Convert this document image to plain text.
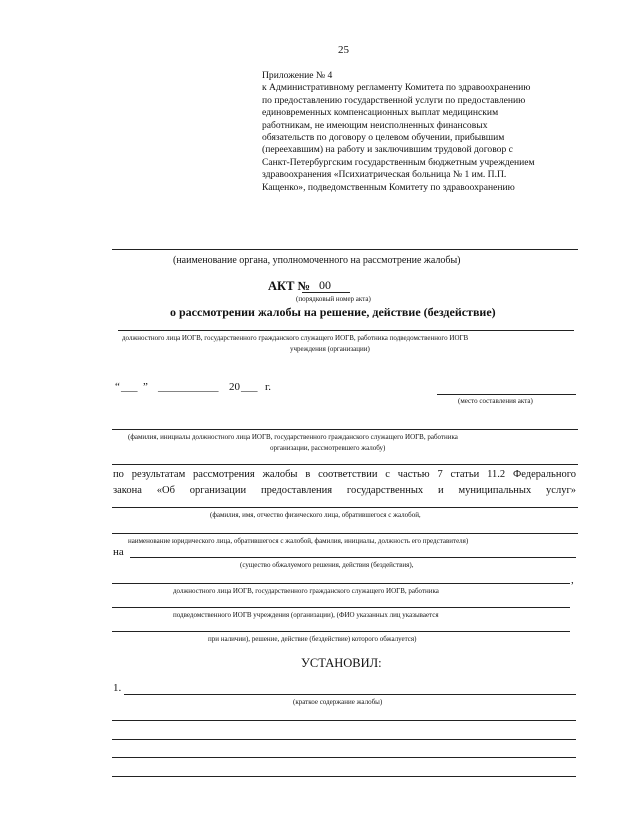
25
Приложение № 4
к Административному регламенту Комитета по здравоохранению
по предоставлению государственной услуги по предоставлению
единовременных компенсационных выплат медицинским
работникам, не имеющим неисполненных финансовых
обязательств по договору о целевом обучении, прибывшим
(переехавшим) на работу и заключившим трудовой договор с
Санкт-Петербургским государственным бюджетным учреждением
здравоохранения «Психиатрическая больница № 1 им. П.П.
Кащенко», подведомственным Комитету по здравоохранению
(наименование органа, уполномоченного на рассмотрение жалобы)
АКТ № 00
(порядковый номер акта)
о рассмотрении жалобы на решение, действие (бездействие)
должностного лица ИОГВ, государственного гражданского служащего ИОГВ, работника подведомственного ИОГВ
учреждения (организации)
“ ___ ” ___________ 20 ___ г.
(место составления акта)
(фамилия, инициалы должностного лица ИОГВ, государственного гражданского служащего ИОГВ, работника
организации, рассмотревшего жалобу)
по результатам рассмотрения жалобы в соответствии с частью 7 статьи 11.2 Федерального
закона «Об организации предоставления государственных и муниципальных услуг»
(фамилия, имя, отчество физического лица, обратившегося с жалобой,
наименование юридического лица, обратившегося с жалобой, фамилия, инициалы, должность его представителя)
на
(существо обжалуемого решения, действия (бездействия),
,
должностного лица ИОГВ, государственного гражданского служащего ИОГВ, работника
подведомственного ИОГВ учреждения (организации), (ФИО указанных лиц указывается
при наличии), решение, действие (бездействие) которого обжалуется)
УСТАНОВИЛ:
1.
(краткое содержание жалобы)
